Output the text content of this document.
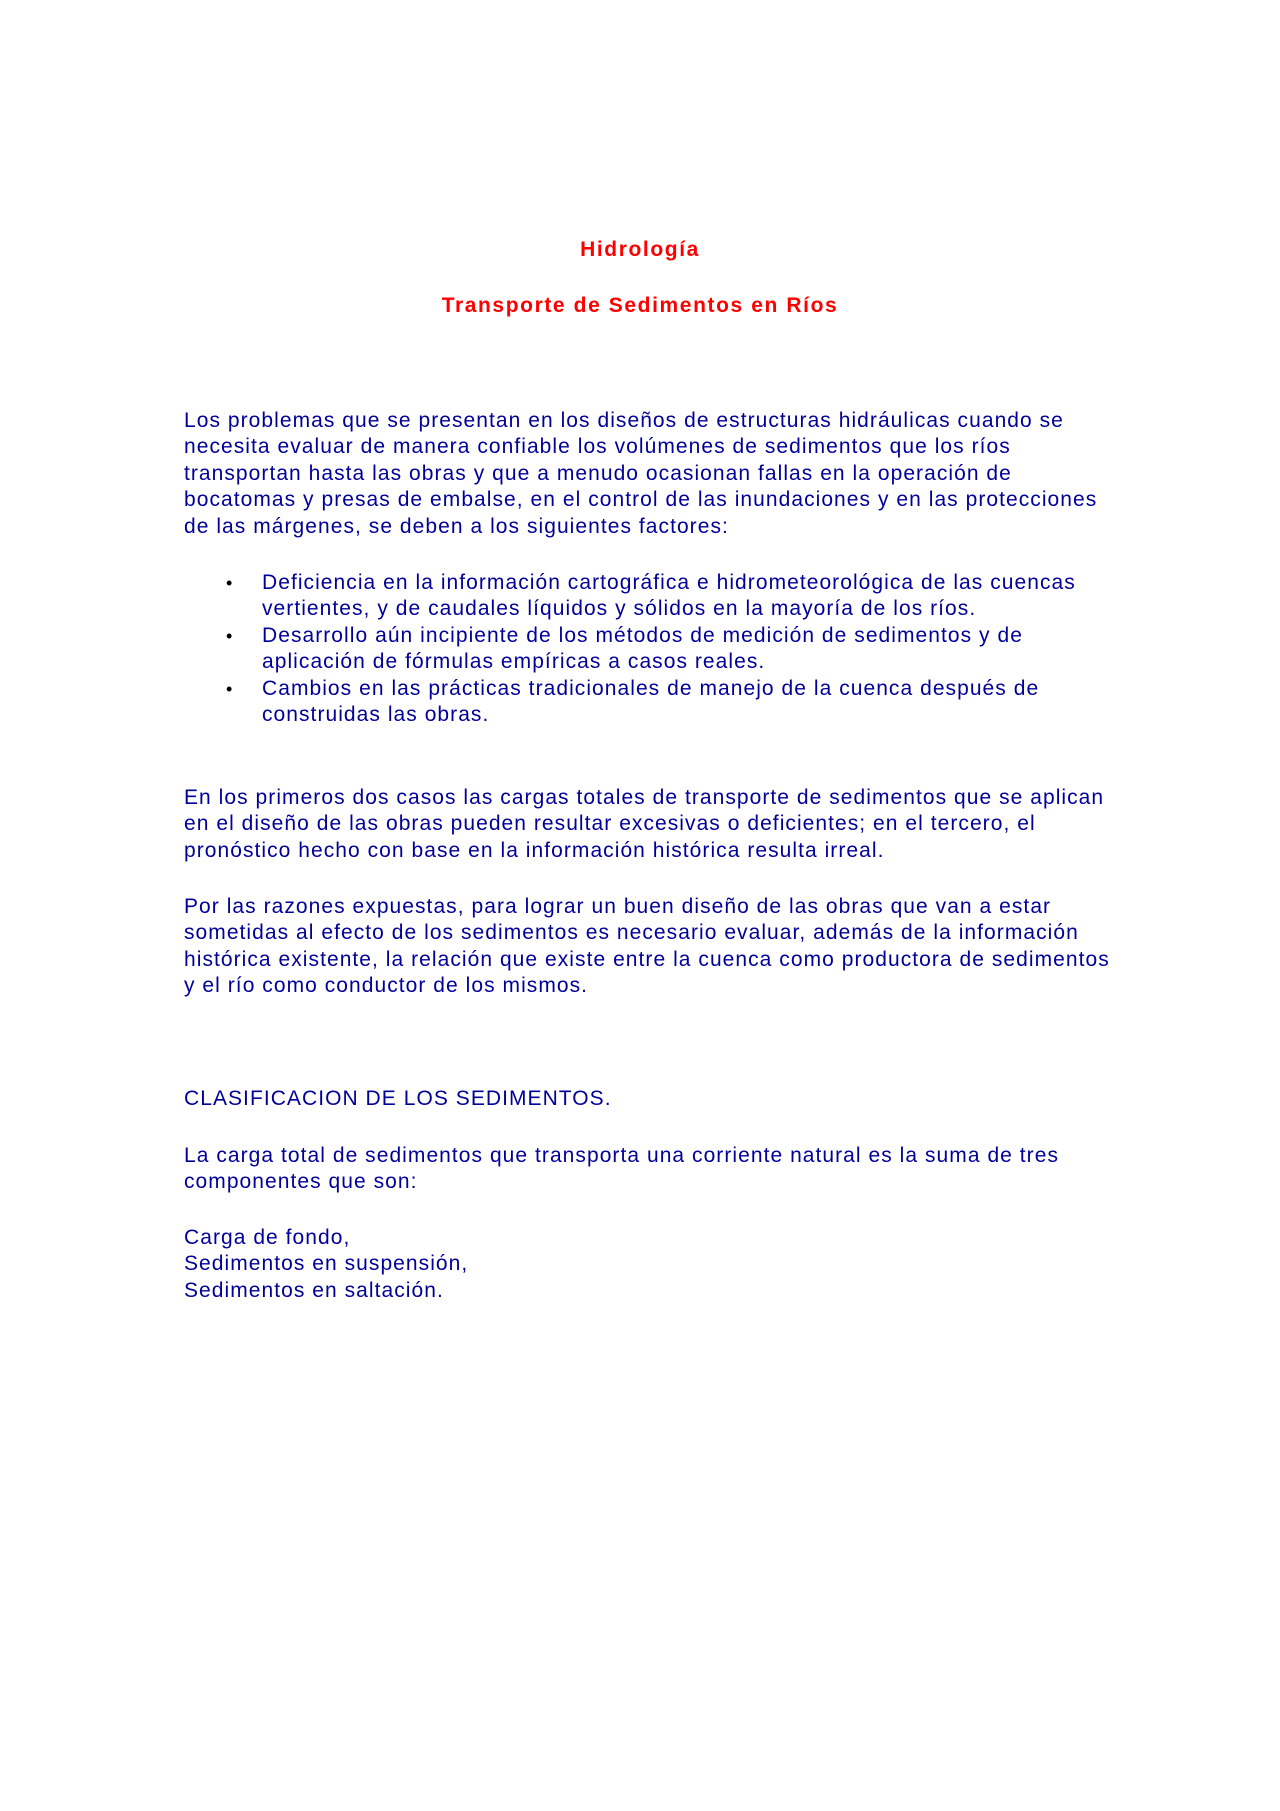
Hidrología

Transporte de Sedimentos en Ríos

Los problemas que se presentan en los diseños de estructuras hidráulicas cuando se necesita evaluar de manera confiable los volúmenes de sedimentos que los ríos transportan hasta las obras y que a menudo ocasionan fallas en la operación de bocatomas y presas de embalse, en el control de las inundaciones y en las protecciones de las márgenes, se deben a los siguientes factores:

• Deficiencia en la información cartográfica e hidrometeorológica de las cuencas vertientes, y de caudales líquidos y sólidos en la mayoría de los ríos.
• Desarrollo aún incipiente de los métodos de medición de sedimentos y de aplicación de fórmulas empíricas a casos reales.
• Cambios en las prácticas tradicionales de manejo de la cuenca después de construidas las obras.

En los primeros dos casos las cargas totales de transporte de sedimentos que se aplican en el diseño de las obras pueden resultar excesivas o deficientes; en el tercero, el pronóstico hecho con base en la información histórica resulta irreal.

Por las razones expuestas, para lograr un buen diseño de las obras que van a estar sometidas al efecto de los sedimentos es necesario evaluar, además de la información histórica existente, la relación que existe entre la cuenca como productora de sedimentos y el río como conductor de los mismos.

CLASIFICACION DE LOS SEDIMENTOS.

La carga total de sedimentos que transporta una corriente natural es la suma de tres componentes que son:

Carga de fondo,
Sedimentos en suspensión,
Sedimentos en saltación.
